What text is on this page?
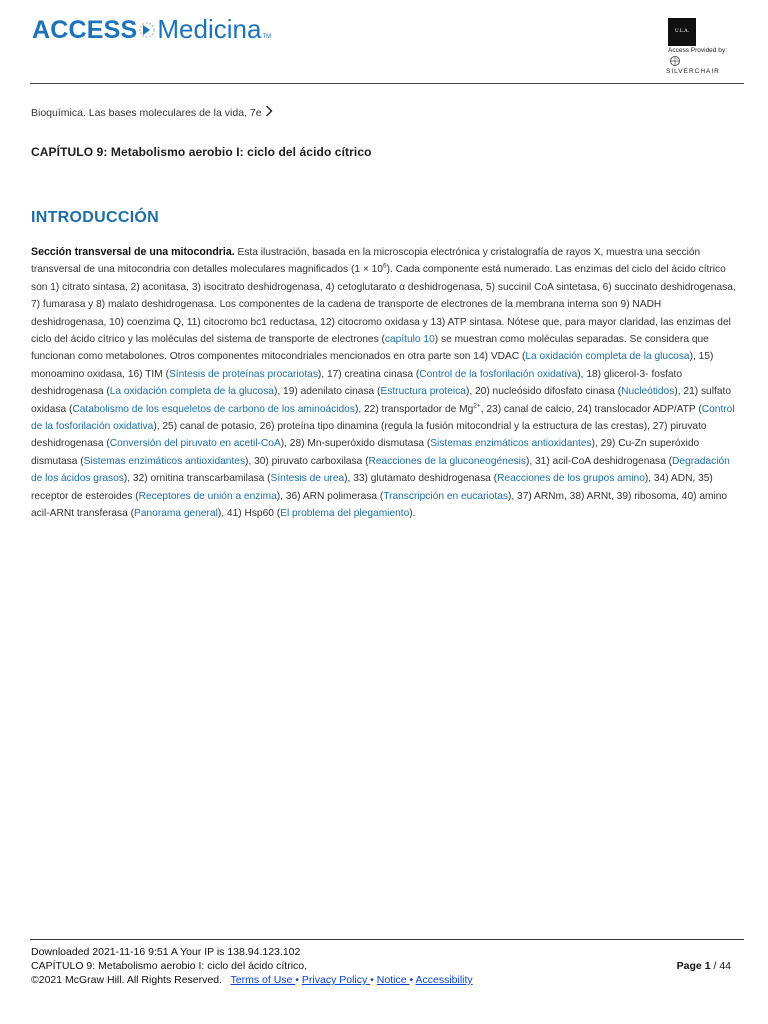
ACCESS Medicina TM
U.L.A.
Access Provided by:
SILVERCHAIR
Bioquímica. Las bases moleculares de la vida, 7e
CAPÍTULO 9: Metabolismo aerobio I: ciclo del ácido cítrico
INTRODUCCIÓN
Sección transversal de una mitocondria. Esta ilustración, basada en la microscopia electrónica y cristalografía de rayos X, muestra una sección transversal de una mitocondria con detalles moleculares magnificados $(1 \times 10^6)$. Cada componente está numerado. Las enzimas del ciclo del ácido cítrico son 1) citrato sintasa, 2) aconitasa, 3) isocitrato deshidrogenasa, 4) cetoglutarato α deshidrogenasa, 5) succinil CoA sintetasa, 6) succinato deshidrogenasa, 7) fumarasa y 8) malato deshidrogenasa. Los componentes de la cadena de transporte de electrones de la membrana interna son 9) NADH deshidrogenasa, 10) coenzima Q, 11) citocromo bc1 reductasa, 12) citocromo oxidasa y 13) ATP sintasa. Nótese que, para mayor claridad, las enzimas del ciclo del ácido cítrico y las moléculas del sistema de transporte de electrones (capítulo 10) se muestran como moléculas separadas. Se considera que funcionan como metabolones. Otros componentes mitocondriales mencionados en otra parte son 14) VDAC (La oxidación completa de la glucosa), 15) monoamino oxidasa, 16) TIM (Síntesis de proteínas procariotas), 17) creatina cinasa (Control de la fosforilación oxidativa), 18) glicerol-3- fosfato deshidrogenasa (La oxidación completa de la glucosa), 19) adenilato cinasa (Estructura proteica), 20) nucleósido difosfato cinasa (Nucleótidos), 21) sulfato oxidasa (Catabolismo de los esqueletos de carbono de los aminoácidos), 22) transportador de $Mg^{2+}$, 23) canal de calcio, 24) translocador ADP/ATP (Control de la fosforilación oxidativa), 25) canal de potasio, 26) proteína tipo dinamina (regula la fusión mitocondrial y la estructura de las crestas), 27) piruvato deshidrogenasa (Conversión del piruvato en acetil-CoA), 28) Mn-superóxido dismutasa (Sistemas enzimáticos antioxidantes), 29) Cu-Zn superóxido dismutasa (Sistemas enzimáticos antioxidantes), 30) piruvato carboxilasa (Reacciones de la gluconeogénesis), 31) acil-CoA deshidrogenasa (Degradación de los ácidos grasos), 32) ornitina transcarbamilasa (Síntesis de urea), 33) glutamato deshidrogenasa (Reacciones de los grupos amino), 34) ADN, 35) receptor de esteroides (Receptores de unión a enzima), 36) ARN polimerasa (Transcripción en eucariotas), 37) ARNm, 38) ARNt, 39) ribosoma, 40) amino acil-ARNt transferasa (Panorama general), 41) Hsp60 (El problema del plegamiento).
Downloaded 2021-11-16 9:51 A Your IP is 138.94.123.102
CAPÍTULO 9: Metabolismo aerobio I: ciclo del ácido cítrico,
©2021 McGraw Hill. All Rights Reserved. Terms of Use • Privacy Policy • Notice • Accessibility
Page 1 / 44
